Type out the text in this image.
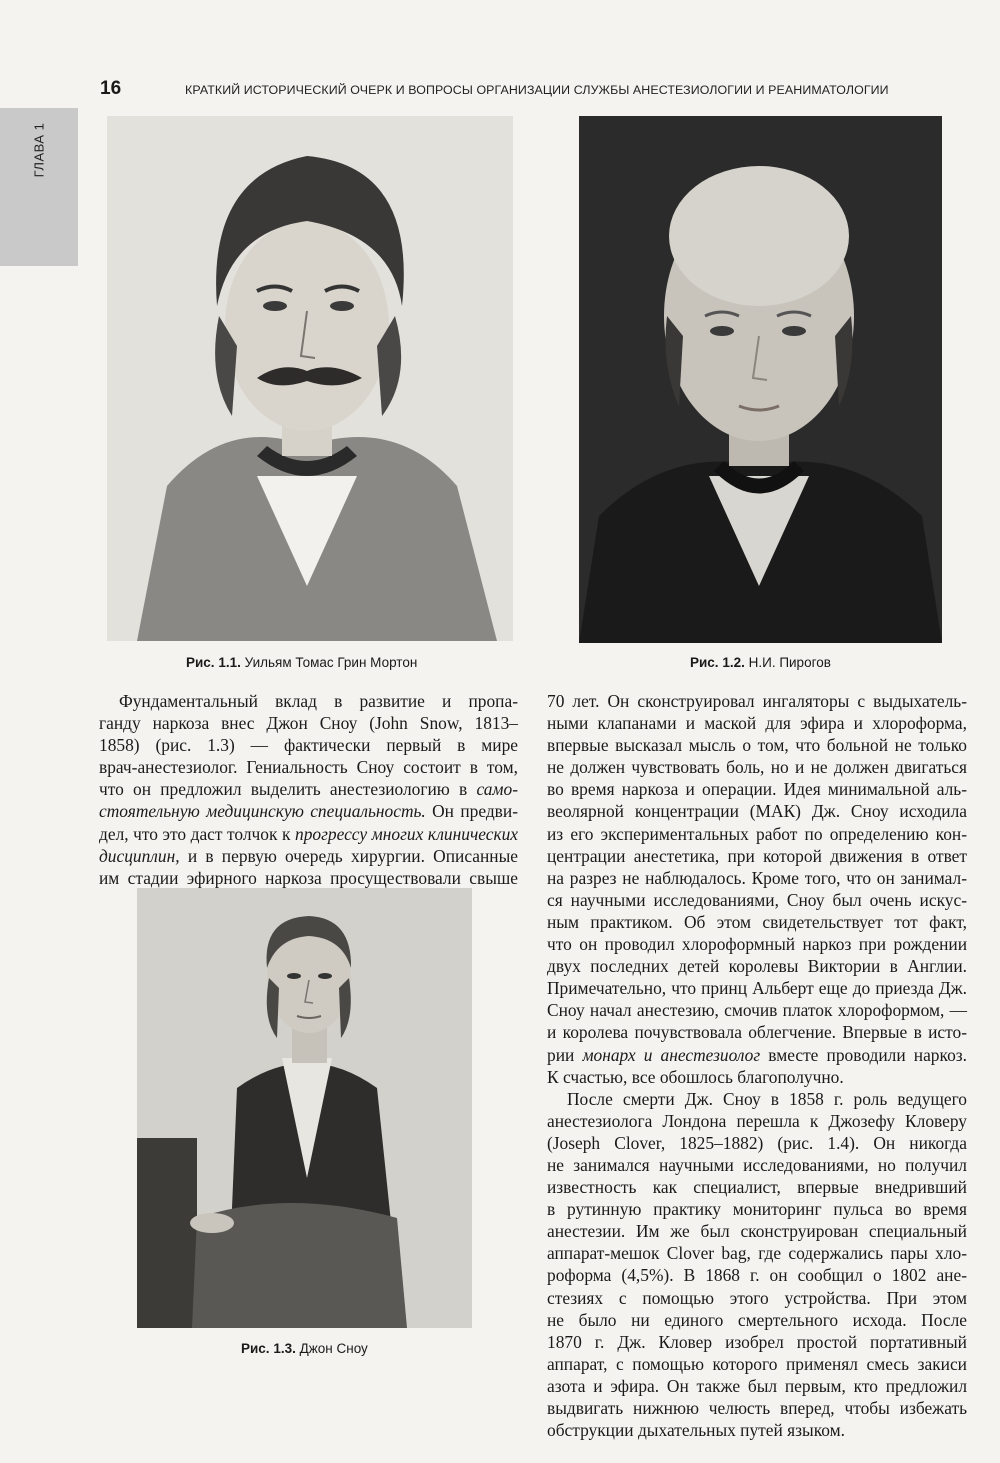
ГЛАВА 1
16	КРАТКИЙ ИСТОРИЧЕСКИЙ ОЧЕРК И ВОПРОСЫ ОРГАНИЗАЦИИ СЛУЖБЫ АНЕСТЕЗИОЛОГИИ И РЕАНИМАТОЛОГИИ
Рис. 1.1. Уильям Томас Грин Мортон	Рис. 1.2. Н.И. Пирогов
Рис. 1.3. Джон Сноу
Фундаментальный вклад в развитие и пропа-
ганду наркоза внес Джон Сноу (John Snow, 1813–
1858) (рис. 1.3) — фактически первый в мире
врач-анестезиолог. Гениальность Сноу состоит в том,
что он предложил выделить анестезиологию в само-
стоятельную медицинскую специальность. Он предви-
дел, что это даст толчок к прогрессу многих клинических
дисциплин, и в первую очередь хирургии. Описанные
им стадии эфирного наркоза просуществовали свыше
70 лет. Он сконструировал ингаляторы с выдыхатель-
ными клапанами и маской для эфира и хлороформа,
впервые высказал мысль о том, что больной не только
не должен чувствовать боль, но и не должен двигаться
во время наркоза и операции. Идея минимальной аль-
веолярной концентрации (МАК) Дж. Сноу исходила
из его экспериментальных работ по определению кон-
центрации анестетика, при которой движения в ответ
на разрез не наблюдалось. Кроме того, что он занимал-
ся научными исследованиями, Сноу был очень искус-
ным практиком. Об этом свидетельствует тот факт,
что он проводил хлороформный наркоз при рождении
двух последних детей королевы Виктории в Англии.
Примечательно, что принц Альберт еще до приезда Дж.
Сноу начал анестезию, смочив платок хлороформом, —
и королева почувствовала облегчение. Впервые в исто-
рии монарх и анестезиолог вместе проводили наркоз.
К счастью, все обошлось благополучно.
После смерти Дж. Сноу в 1858 г. роль ведущего
анестезиолога Лондона перешла к Джозефу Кловеру
(Joseph Clover, 1825–1882) (рис. 1.4). Он никогда
не занимался научными исследованиями, но получил
известность как специалист, впервые внедривший
в рутинную практику мониторинг пульса во время
анестезии. Им же был сконструирован специальный
аппарат-мешок Clover bag, где содержались пары хло-
роформа (4,5%). В 1868 г. он сообщил о 1802 ане-
стезиях с помощью этого устройства. При этом
не было ни единого смертельного исхода. После
1870 г. Дж. Кловер изобрел простой портативный
аппарат, с помощью которого применял смесь закиси
азота и эфира. Он также был первым, кто предложил
выдвигать нижнюю челюсть вперед, чтобы избежать
обструкции дыхательных путей языком.
